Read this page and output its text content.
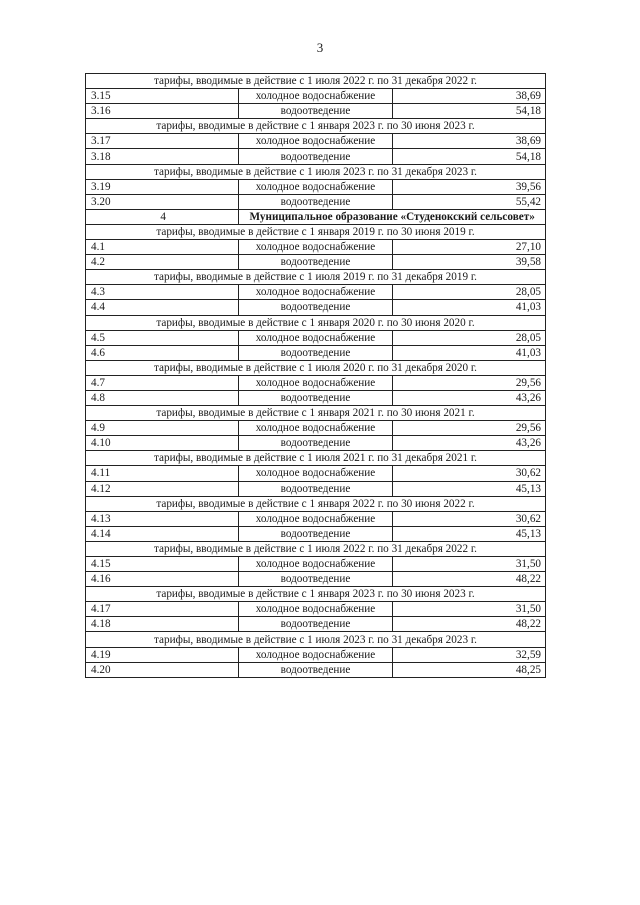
3
тарифы, вводимые в действие с 1 июля 2022 г. по 31 декабря 2022 г.		
3.15	холодное водоснабжение	38,69
3.16	водоотведение	54,18
тарифы, вводимые в действие с 1 января 2023 г. по 30 июня 2023 г.		
3.17	холодное водоснабжение	38,69
3.18	водоотведение	54,18
тарифы, вводимые в действие с 1 июля 2023 г. по 31 декабря 2023 г.		
3.19	холодное водоснабжение	39,56
3.20	водоотведение	55,42
4	Муниципальное образование «Студенокский сельсовет»	
тарифы, вводимые в действие с 1 января 2019 г. по 30 июня 2019 г.		
4.1	холодное водоснабжение	27,10
4.2	водоотведение	39,58
тарифы, вводимые в действие с 1 июля 2019 г. по 31 декабря 2019 г.		
4.3	холодное водоснабжение	28,05
4.4	водоотведение	41,03
тарифы, вводимые в действие с 1 января 2020 г. по 30 июня 2020 г.		
4.5	холодное водоснабжение	28,05
4.6	водоотведение	41,03
тарифы, вводимые в действие с 1 июля 2020 г. по 31 декабря 2020 г.		
4.7	холодное водоснабжение	29,56
4.8	водоотведение	43,26
тарифы, вводимые в действие с 1 января 2021 г. по 30 июня 2021 г.		
4.9	холодное водоснабжение	29,56
4.10	водоотведение	43,26
тарифы, вводимые в действие с 1 июля 2021 г. по 31 декабря 2021 г.		
4.11	холодное водоснабжение	30,62
4.12	водоотведение	45,13
тарифы, вводимые в действие с 1 января 2022 г. по 30 июня 2022 г.		
4.13	холодное водоснабжение	30,62
4.14	водоотведение	45,13
тарифы, вводимые в действие с 1 июля 2022 г. по 31 декабря 2022 г.		
4.15	холодное водоснабжение	31,50
4.16	водоотведение	48,22
тарифы, вводимые в действие с 1 января 2023 г. по 30 июня 2023 г.		
4.17	холодное водоснабжение	31,50
4.18	водоотведение	48,22
тарифы, вводимые в действие с 1 июля 2023 г. по 31 декабря 2023 г.		
4.19	холодное водоснабжение	32,59
4.20	водоотведение	48,25
